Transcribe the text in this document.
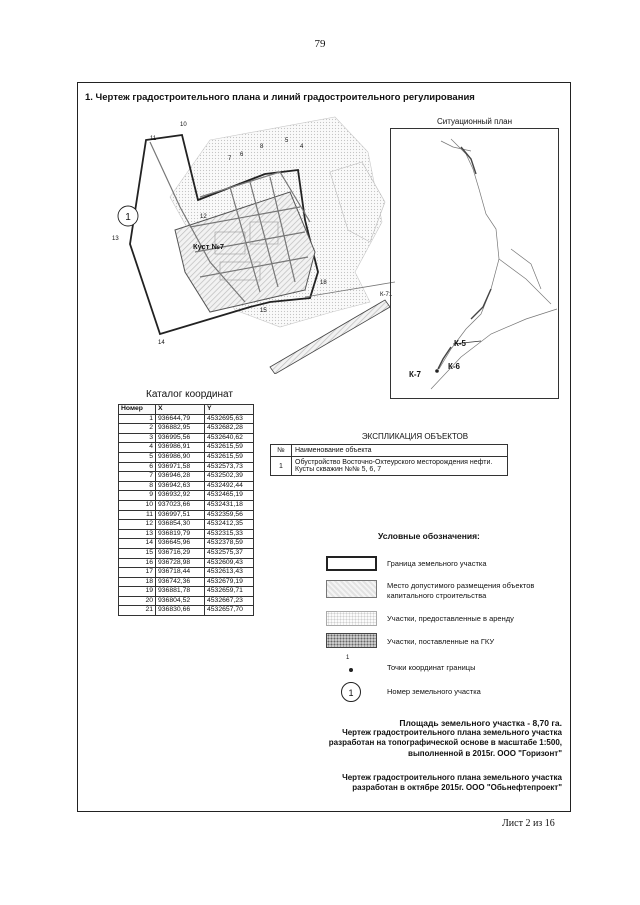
79
1. Чертеж градостроительного плана и линий градостроительного регулирования
10
11
12
13
14
8
7
6
5
4
18
15
Куст №7
К-71
1
Ситуационный план
К-5
К-6
К-7
Каталог координат
Номер	X	Y
1	936644,79	4532695,63
2	936882,95	4532682,28
3	936995,56	4532640,62
4	936986,91	4532615,59
5	936986,90	4532615,59
6	936971,58	4532573,73
7	936946,28	4532502,39
8	936942,63	4532492,44
9	936932,92	4532465,19
10	937023,66	4532431,18
11	936997,51	4532359,56
12	936854,30	4532412,35
13	936819,79	4532315,33
14	936645,96	4532378,59
15	936716,29	4532575,37
16	936728,98	4532609,43
17	936718,44	4532613,43
18	936742,36	4532679,19
19	936881,78	4532659,71
20	936804,52	4532667,23
21	936830,66	4532657,70
ЭКСПЛИКАЦИЯ ОБЪЕКТОВ
№	Наименование объекта
1	Обустройство Восточно-Охтеурского месторождения нефти. Кусты скважин №№ 5, 6, 7
Условные обозначения:
Граница земельного участка
Место допустимого размещения объектов капитального строительства
Участки, предоставленные в аренду
Участки, поставленные на ГКУ
1
Точки координат границы
1	Номер земельного участка
Площадь земельного участка - 8,70 га.
Чертеж градостроительного плана земельного участка
разработан на топографической основе в масштабе 1:500,
выполненной в 2015г. ООО "Горизонт"
Чертеж градостроительного плана земельного участка
разработан в октябре 2015г. ООО "Обьнефтепроект"
Лист 2 из 16
